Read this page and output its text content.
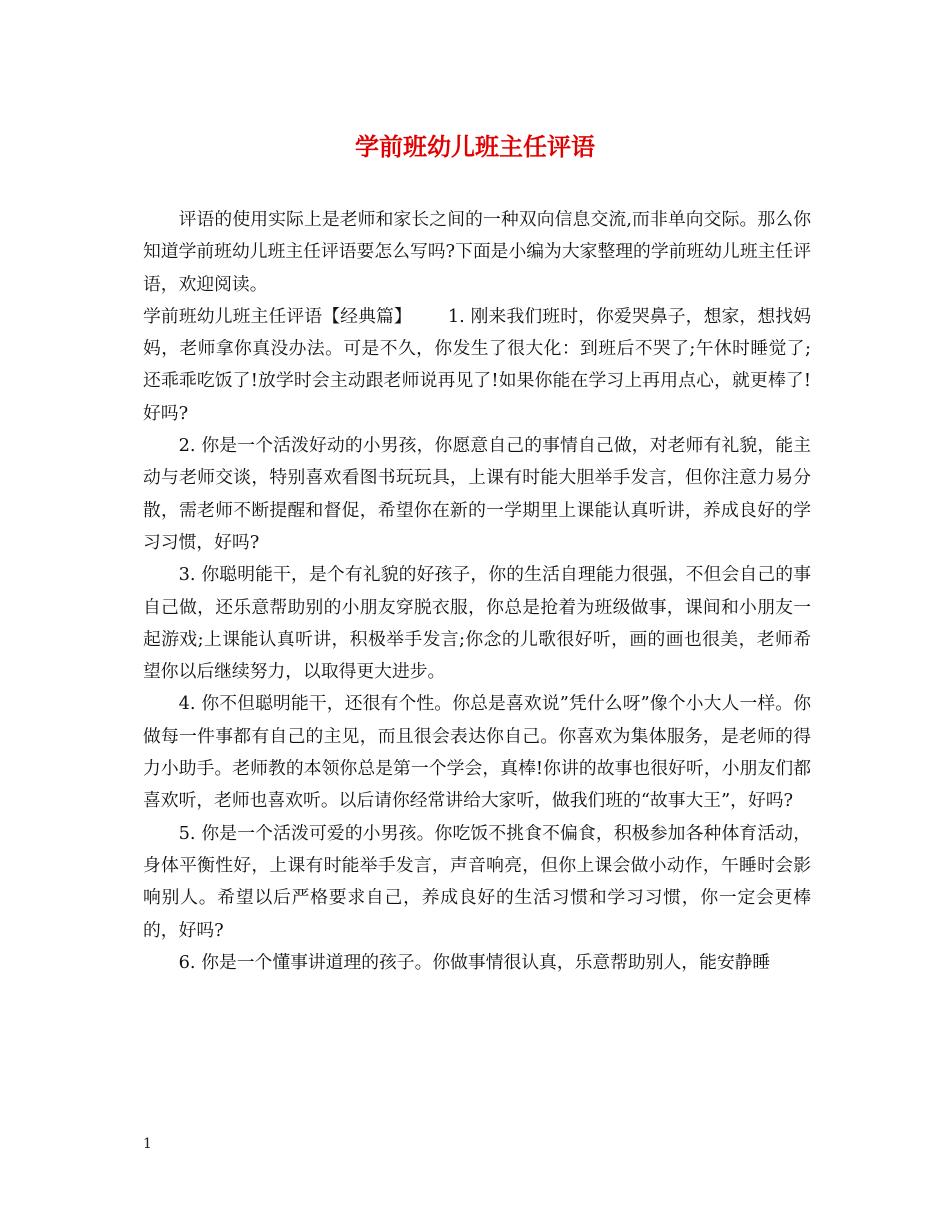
学前班幼儿班主任评语

评语的使用实际上是老师和家长之间的一种双向信息交流,而非单向交际。那么你知道学前班幼儿班主任评语要怎么写吗?下面是小编为大家整理的学前班幼儿班主任评语，欢迎阅读。

学前班幼儿班主任评语【经典篇】 1. 刚来我们班时，你爱哭鼻子，想家，想找妈妈，老师拿你真没办法。可是不久，你发生了很大化：到班后不哭了;午休时睡觉了;还乖乖吃饭了!放学时会主动跟老师说再见了!如果你能在学习上再用点心，就更棒了!好吗?

2. 你是一个活泼好动的小男孩，你愿意自己的事情自己做，对老师有礼貌，能主动与老师交谈，特别喜欢看图书玩玩具，上课有时能大胆举手发言，但你注意力易分散，需老师不断提醒和督促，希望你在新的一学期里上课能认真听讲，养成良好的学习习惯，好吗?

3. 你聪明能干，是个有礼貌的好孩子，你的生活自理能力很强，不但会自己的事自己做，还乐意帮助别的小朋友穿脱衣服，你总是抢着为班级做事，课间和小朋友一起游戏;上课能认真听讲，积极举手发言;你念的儿歌很好听，画的画也很美，老师希望你以后继续努力，以取得更大进步。

4. 你不但聪明能干，还很有个性。你总是喜欢说”凭什么呀”像个小大人一样。你做每一件事都有自己的主见，而且很会表达你自己。你喜欢为集体服务，是老师的得力小助手。老师教的本领你总是第一个学会，真棒!你讲的故事也很好听，小朋友们都喜欢听，老师也喜欢听。以后请你经常讲给大家听，做我们班的“故事大王”，好吗?

5. 你是一个活泼可爱的小男孩。你吃饭不挑食不偏食，积极参加各种体育活动，身体平衡性好，上课有时能举手发言，声音响亮，但你上课会做小动作，午睡时会影响别人。希望以后严格要求自己，养成良好的生活习惯和学习习惯，你一定会更棒的，好吗?

6. 你是一个懂事讲道理的孩子。你做事情很认真，乐意帮助别人，能安静睡

1
